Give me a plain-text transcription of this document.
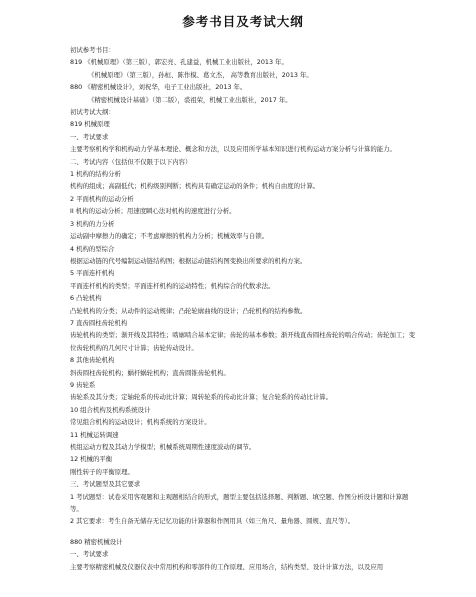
参考书目及考试大纲
初试参考书目：
819 《机械原理》（第三版），郭宏亮、孔建益，机械工业出版社，2013 年。
《机械原理》（第三版），孙桓、陈作模、葛文杰， 高等教育出版社，2013 年。
880 《精密机械设计》，刘祝华，电子工业出版社，2013 年。
《精密机械设计基础》（第二版），裘祖荣，机械工业出版社，2017 年。
初试考试大纲：
819 机械原理
一、考试要求
主要考察机构学和机构动力学基本理论、概念和方法，以及应用所学基本知识进行机构运动方案分析与计算的能力。
二、考试内容（包括但不仅限于以下内容）
1 机构的结构分析
机构的组成；高副低代；机构级别判断；机构具有确定运动的条件；机构自由度的计算。
2 平面机构的运动分析
II 机构的运动分析；用速度瞬心法对机构的速度进行分析。
3 机构的力分析
运动副中摩擦力的确定；不考虑摩擦的机构力分析；机械效率与自锁。
4 机构的型综合
根据运动链的代号编制运动链结构图；根据运动链结构图变换出所要求的机构方案。
5 平面连杆机构
平面连杆机构的类型；平面连杆机构的运动特性；机构综合的代数求法。
6 凸轮机构
凸轮机构的分类；从动件的运动规律；凸轮轮廓曲线的设计；凸轮机构的结构参数。
7 直齿圆柱齿轮机构
齿轮机构的类型；渐开线及其特性；啮廓啮合基本定律；齿轮的基本参数；渐开线直齿圆柱齿轮的啮合传动；齿轮加工；变位齿轮机构的几何尺寸计算；齿轮传动设计。
8 其他齿轮机构
斜齿圆柱齿轮机构；蜗杆蜗轮机构；直齿圆锥齿轮机构。
9 齿轮系
齿轮系及其分类；定轴轮系的传动比计算；周转轮系的传动比计算；复合轮系的传动比计算。
10 组合机构及机构系统设计
常见组合机构的运动设计；机构系统的方案设计。
11 机械运转调速
机组运动方程及其动力学模型；机械系统周期性速度波动的调节。
12 机械的平衡
刚性转子的平衡原理。
三、考试题型及其它要求
1 考试题型：试卷采用客观题和主观题相结合的形式，题型主要包括选择题、判断题、填空题、作图分析设计题和计算题等。
2 其它要求：考生自备无储存无记忆功能的计算器和作图用具（如三角尺、量角器、圆规、直尺等）。
880 精密机械设计
一、考试要求
主要考察精密机械及仪器仪表中常用机构和零部件的工作原理、应用场合，结构类型、设计计算方法，以及应用
